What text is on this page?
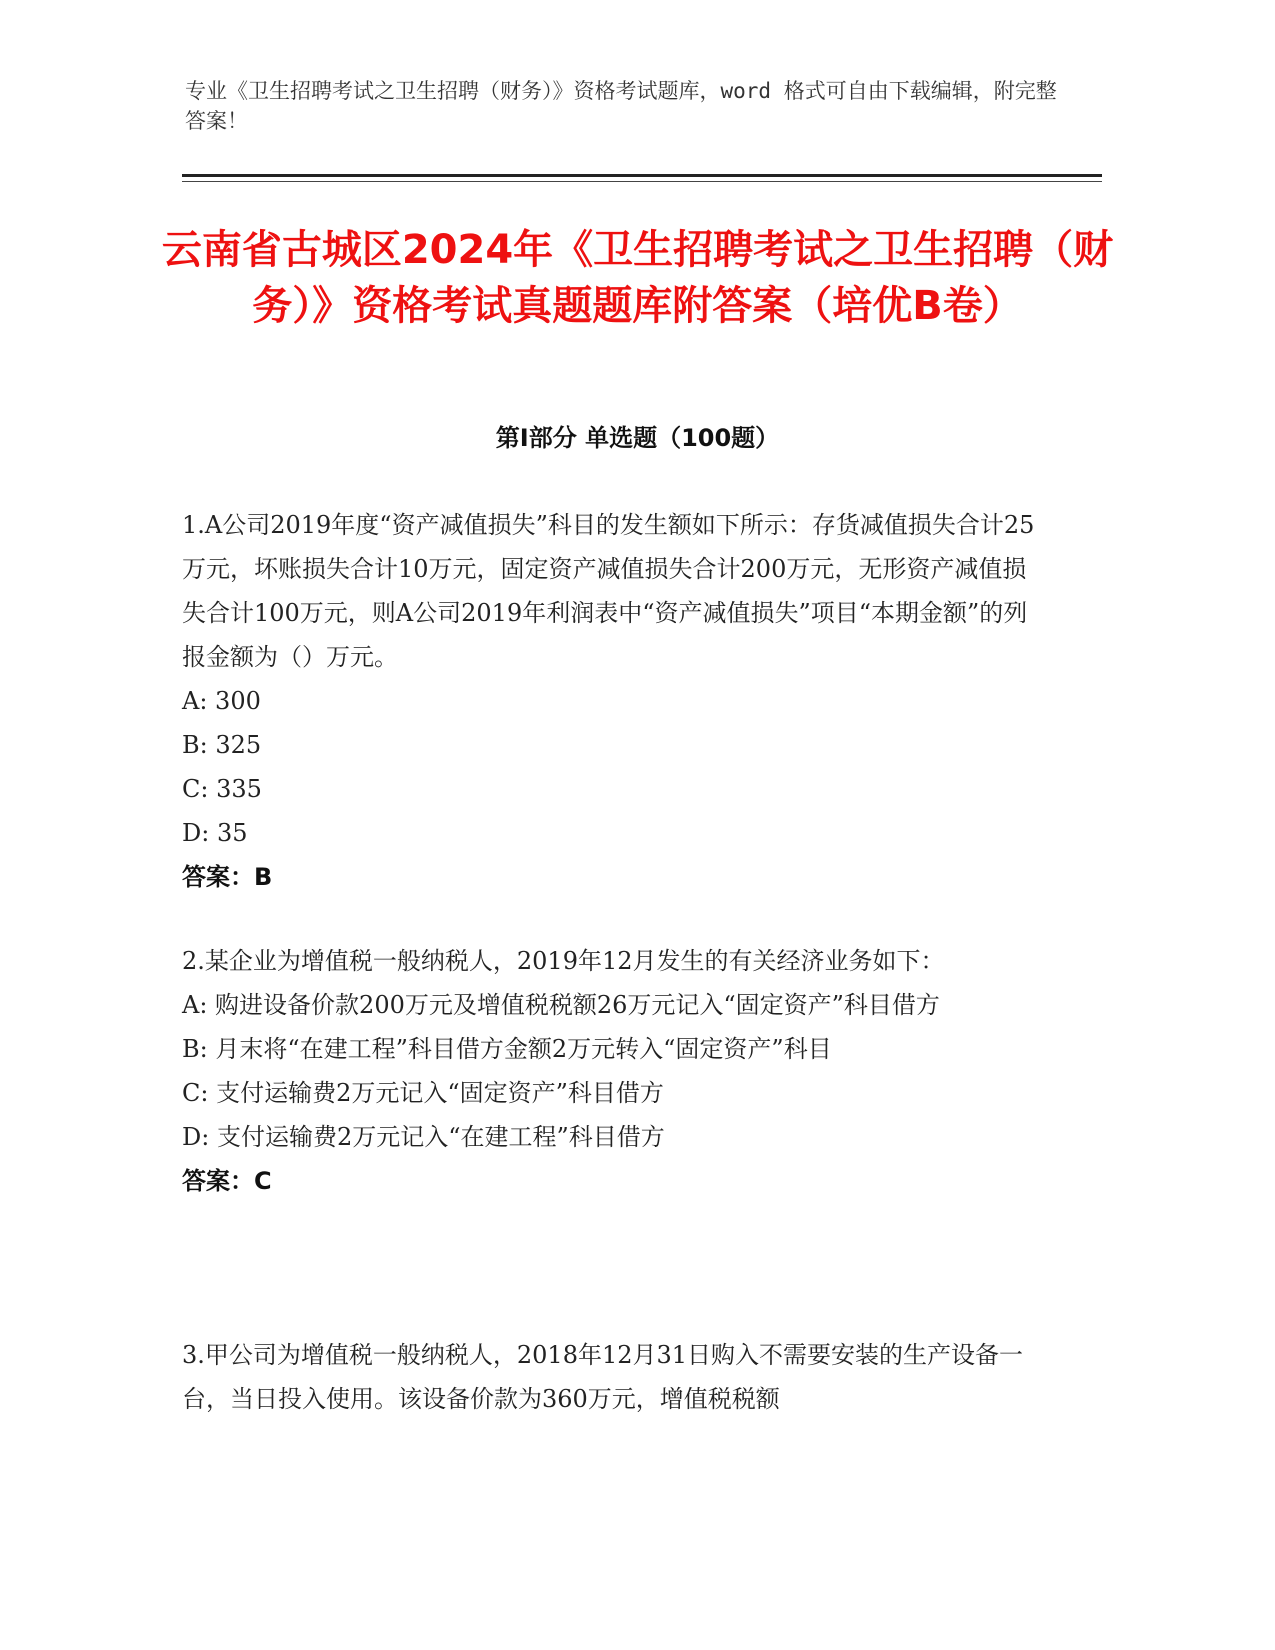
专业《卫生招聘考试之卫生招聘（财务）》资格考试题库，word 格式可自由下载编辑，附完整答案！
云南省古城区2024年《卫生招聘考试之卫生招聘（财务）》资格考试真题题库附答案（培优B卷）
第I部分 单选题（100题）

1.A公司2019年度“资产减值损失”科目的发生额如下所示：存货减值损失合计25万元，坏账损失合计10万元，固定资产减值损失合计200万元，无形资产减值损失合计100万元，则A公司2019年利润表中“资产减值损失”项目“本期金额”的列报金额为（）万元。

A: 300

B: 325

C: 335

D: 35

答案：B

2.某企业为增值税一般纳税人，2019年12月发生的有关经济业务如下：

A: 购进设备价款200万元及增值税税额26万元记入“固定资产”科目借方

B: 月末将“在建工程”科目借方金额2万元转入“固定资产”科目

C: 支付运输费2万元记入“固定资产”科目借方

D: 支付运输费2万元记入“在建工程”科目借方

答案：C

3.甲公司为增值税一般纳税人，2018年12月31日购入不需要安装的生产设备一台，当日投入使用。该设备价款为360万元，增值税税额
